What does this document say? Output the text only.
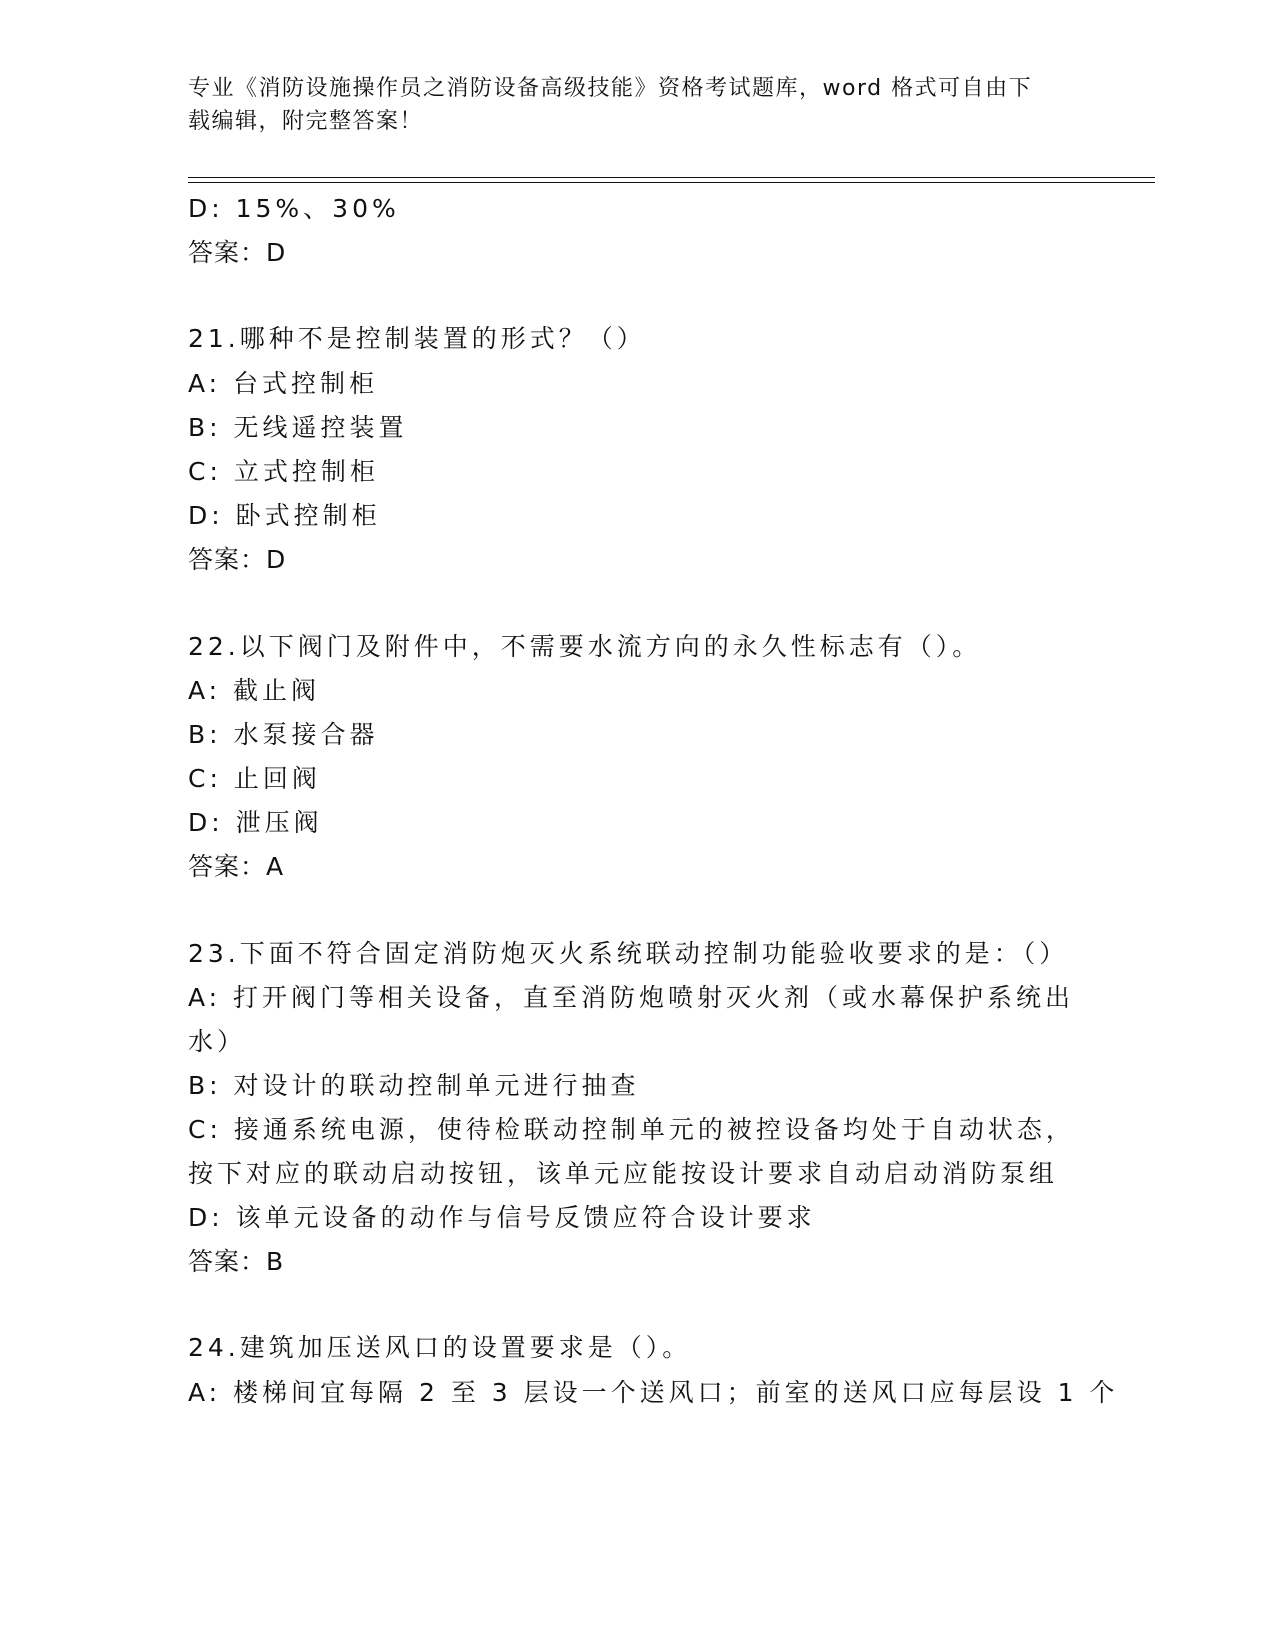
专业《消防设施操作员之消防设备高级技能》资格考试题库，word 格式可自由下
载编辑，附完整答案！
D: 15%、30%
答案：D
21.哪种不是控制装置的形式？（）
A: 台式控制柜
B: 无线遥控装置
C: 立式控制柜
D: 卧式控制柜
答案：D
22.以下阀门及附件中，不需要水流方向的永久性标志有（）。
A: 截止阀
B: 水泵接合器
C: 止回阀
D: 泄压阀
答案：A
23.下面不符合固定消防炮灭火系统联动控制功能验收要求的是：（）
A: 打开阀门等相关设备，直至消防炮喷射灭火剂（或水幕保护系统出
水）
B: 对设计的联动控制单元进行抽查
C: 接通系统电源，使待检联动控制单元的被控设备均处于自动状态，
按下对应的联动启动按钮，该单元应能按设计要求自动启动消防泵组
D: 该单元设备的动作与信号反馈应符合设计要求
答案：B
24.建筑加压送风口的设置要求是（）。
A: 楼梯间宜每隔 2 至 3 层设一个送风口；前室的送风口应每层设 1 个
